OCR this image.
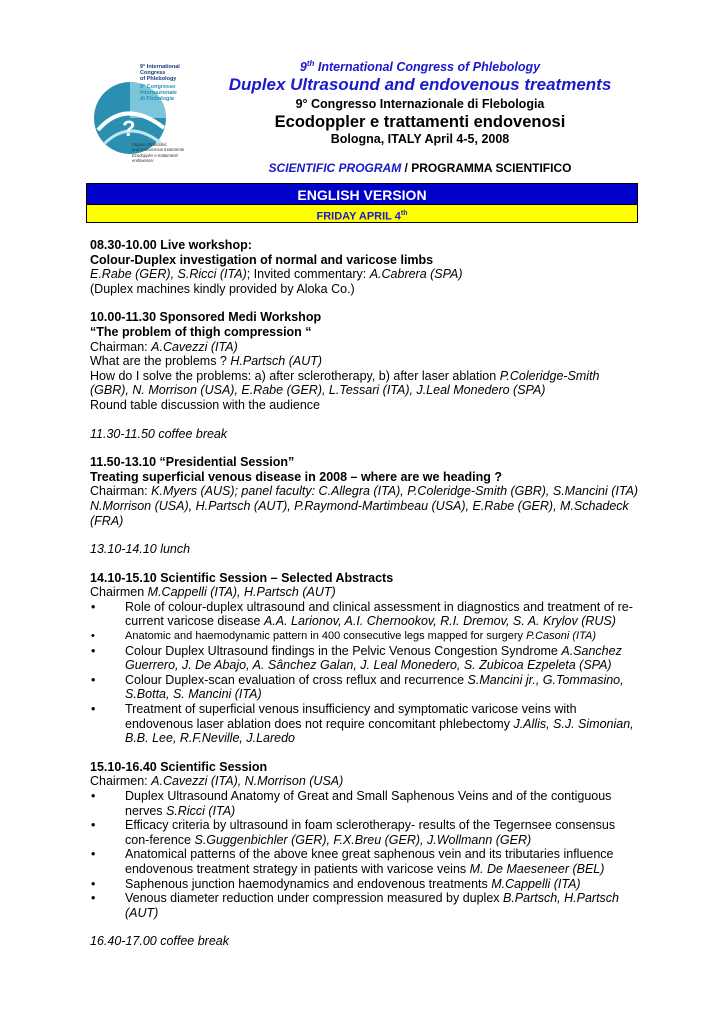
?
9° International
Congress
of Phlebology
9° Congresso
Internazionale
di Flebologia
Duplex Ultrasound
and endovenous treatments
Ecodoppler e trattamenti
endovenosi
9th International Congress of Phlebology
Duplex Ultrasound and endovenous treatments
9° Congresso Internazionale di Flebologia
Ecodoppler e trattamenti endovenosi
Bologna, ITALY April 4-5, 2008
SCIENTIFIC PROGRAM / PROGRAMMA SCIENTIFICO
ENGLISH VERSION
FRIDAY APRIL 4th
08.30-10.00 Live workshop:
Colour-Duplex investigation of normal and varicose limbs
E.Rabe (GER), S.Ricci (ITA); Invited commentary: A.Cabrera (SPA)
(Duplex machines kindly provided by Aloka Co.)
10.00-11.30 Sponsored Medi Workshop
“The problem of thigh compression “
Chairman: A.Cavezzi (ITA)
What are the problems ? H.Partsch (AUT)
How do I solve the problems: a) after sclerotherapy, b) after laser ablation P.Coleridge-Smith (GBR), N. Morrison (USA), E.Rabe (GER), L.Tessari (ITA), J.Leal Monedero (SPA)
Round table discussion with the audience
11.30-11.50 coffee break
11.50-13.10 “Presidential Session”
Treating superficial venous disease in 2008 – where are we heading ?
Chairman: K.Myers (AUS); panel faculty: C.Allegra (ITA), P.Coleridge-Smith (GBR), S.Mancini (ITA) N.Morrison (USA), H.Partsch (AUT), P.Raymond-Martimbeau (USA), E.Rabe (GER), M.Schadeck (FRA)
13.10-14.10 lunch
14.10-15.10 Scientific Session – Selected Abstracts
Chairmen M.Cappelli (ITA), H.Partsch (AUT)
• Role of colour-duplex ultrasound and clinical assessment in diagnostics and treatment of re-current varicose disease A.A. Larionov, A.I. Chernookov, R.I. Dremov, S. A. Krylov (RUS)
• Anatomic and haemodynamic pattern in 400 consecutive legs mapped for surgery P.Casoni (ITA)
• Colour Duplex Ultrasound findings in the Pelvic Venous Congestion Syndrome A.Sanchez Guerrero, J. De Abajo, A. Sânchez Galan, J. Leal Monedero, S. Zubicoa Ezpeleta (SPA)
• Colour Duplex-scan evaluation of cross reflux and recurrence S.Mancini jr., G.Tommasino, S.Botta, S. Mancini (ITA)
• Treatment of superficial venous insufficiency and symptomatic varicose veins with endovenous laser ablation does not require concomitant phlebectomy J.Allis, S.J. Simonian, B.B. Lee, R.F.Neville, J.Laredo
15.10-16.40 Scientific Session
Chairmen: A.Cavezzi (ITA), N.Morrison (USA)
• Duplex Ultrasound Anatomy of Great and Small Saphenous Veins and of the contiguous nerves S.Ricci (ITA)
• Efficacy criteria by ultrasound in foam sclerotherapy- results of the Tegernsee consensus con-ference S.Guggenbichler (GER), F.X.Breu (GER), J.Wollmann (GER)
• Anatomical patterns of the above knee great saphenous vein and its tributaries influence endovenous treatment strategy in patients with varicose veins M. De Maeseneer (BEL)
• Saphenous junction haemodynamics and endovenous treatments M.Cappelli (ITA)
• Venous diameter reduction under compression measured by duplex B.Partsch, H.Partsch (AUT)
16.40-17.00 coffee break
